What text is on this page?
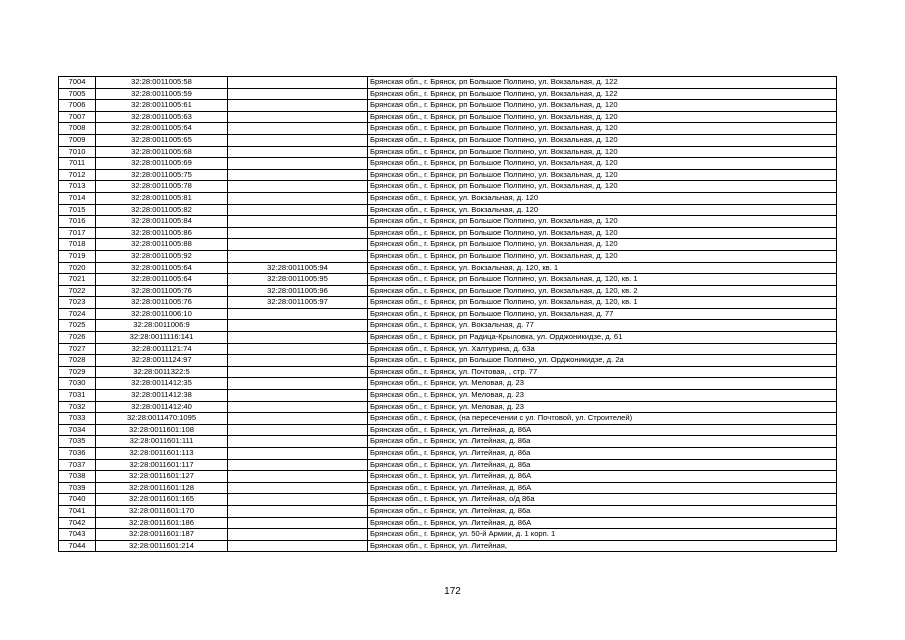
7004	32:28:0011005:58		Брянская обл., г. Брянск, рп Большое Полпино, ул. Вокзальная, д. 122
7005	32:28:0011005:59		Брянская обл., г. Брянск, рп Большое Полпино, ул. Вокзальная, д. 122
7006	32:28:0011005:61		Брянская обл., г. Брянск, рп Большое Полпино, ул. Вокзальная, д. 120
7007	32:28:0011005:63		Брянская обл., г. Брянск, рп Большое Полпино, ул. Вокзальная, д. 120
7008	32:28:0011005:64		Брянская обл., г. Брянск, рп Большое Полпино, ул. Вокзальная, д. 120
7009	32:28:0011005:65		Брянская обл., г. Брянск, рп Большое Полпино, ул. Вокзальная, д. 120
7010	32:28:0011005:68		Брянская обл., г. Брянск, рп Большое Полпино, ул. Вокзальная, д. 120
7011	32:28:0011005:69		Брянская обл., г. Брянск, рп Большое Полпино, ул. Вокзальная, д. 120
7012	32:28:0011005:75		Брянская обл., г. Брянск, рп Большое Полпино, ул. Вокзальная, д. 120
7013	32:28:0011005:78		Брянская обл., г. Брянск, рп Большое Полпино, ул. Вокзальная, д. 120
7014	32:28:0011005:81		Брянская обл., г. Брянск, ул. Вокзальная, д. 120
7015	32:28:0011005:82		Брянская обл., г. Брянск, ул. Вокзальная, д. 120
7016	32:28:0011005:84		Брянская обл., г. Брянск, рп Большое Полпино, ул. Вокзальная, д. 120
7017	32:28:0011005:86		Брянская обл., г. Брянск, рп Большое Полпино, ул. Вокзальная, д. 120
7018	32:28:0011005:88		Брянская обл., г. Брянск, рп Большое Полпино, ул. Вокзальная, д. 120
7019	32:28:0011005:92		Брянская обл., г. Брянск, рп Большое Полпино, ул. Вокзальная, д. 120
7020	32:28:0011005:64	32:28:0011005:94	Брянская обл., г. Брянск, ул. Вокзальная, д. 120, кв. 1
7021	32:28:0011005:64	32:28:0011005:95	Брянская обл., г. Брянск, рп Большое Полпино, ул. Вокзальная, д. 120, кв. 1
7022	32:28:0011005:76	32:28:0011005:96	Брянская обл., г. Брянск, рп Большое Полпино, ул. Вокзальная, д. 120, кв. 2
7023	32:28:0011005:76	32:28:0011005:97	Брянская обл., г. Брянск, рп Большое Полпино, ул. Вокзальная, д. 120, кв. 1
7024	32:28:0011006:10		Брянская обл., г. Брянск, рп Большое Полпино, ул. Вокзальная, д. 77
7025	32:28:0011006:9		Брянская обл., г. Брянск, ул. Вокзальная, д. 77
7026	32:28:0011116:141		Брянская обл., г. Брянск, рп Радица-Крыловка, ул. Орджоникидзе, д. 61
7027	32:28:0011121:74		Брянская обл., г. Брянск, ул. Халтурина, д. 63а
7028	32:28:0011124:97		Брянская обл., г. Брянск, рп Большое Полпино, ул. Орджоникидзе, д. 2а
7029	32:28:0011322:5		Брянская обл., г. Брянск, ул. Почтовая, , стр. 77
7030	32:28:0011412:35		Брянская обл., г. Брянск, ул. Меловая, д. 23
7031	32:28:0011412:38		Брянская обл., г. Брянск, ул. Меловая, д. 23
7032	32:28:0011412:40		Брянская обл., г. Брянск, ул. Меловая, д. 23
7033	32:28:0011470:1095		Брянская обл., г. Брянск, (на пересечении с ул. Почтовой, ул. Строителей)
7034	32:28:0011601:108		Брянская обл., г. Брянск, ул. Литейная, д. 86А
7035	32:28:0011601:111		Брянская обл., г. Брянск, ул. Литейная, д. 86а
7036	32:28:0011601:113		Брянская обл., г. Брянск, ул. Литейная, д. 86а
7037	32:28:0011601:117		Брянская обл., г. Брянск, ул. Литейная, д. 86а
7038	32:28:0011601:127		Брянская обл., г. Брянск, ул. Литейная, д. 86А
7039	32:28:0011601:128		Брянская обл., г. Брянск, ул. Литейная, д. 86А
7040	32:28:0011601:165		Брянская обл., г. Брянск, ул. Литейная, о/д 86а
7041	32:28:0011601:170		Брянская обл., г. Брянск, ул. Литейная, д. 86а
7042	32:28:0011601:186		Брянская обл., г. Брянск, ул. Литейная, д. 86А
7043	32:28:0011601:187		Брянская обл., г. Брянск, ул. 50-й Армии, д. 1 корп. 1
7044	32:28:0011601:214		Брянская обл., г. Брянск, ул. Литейная,
172
